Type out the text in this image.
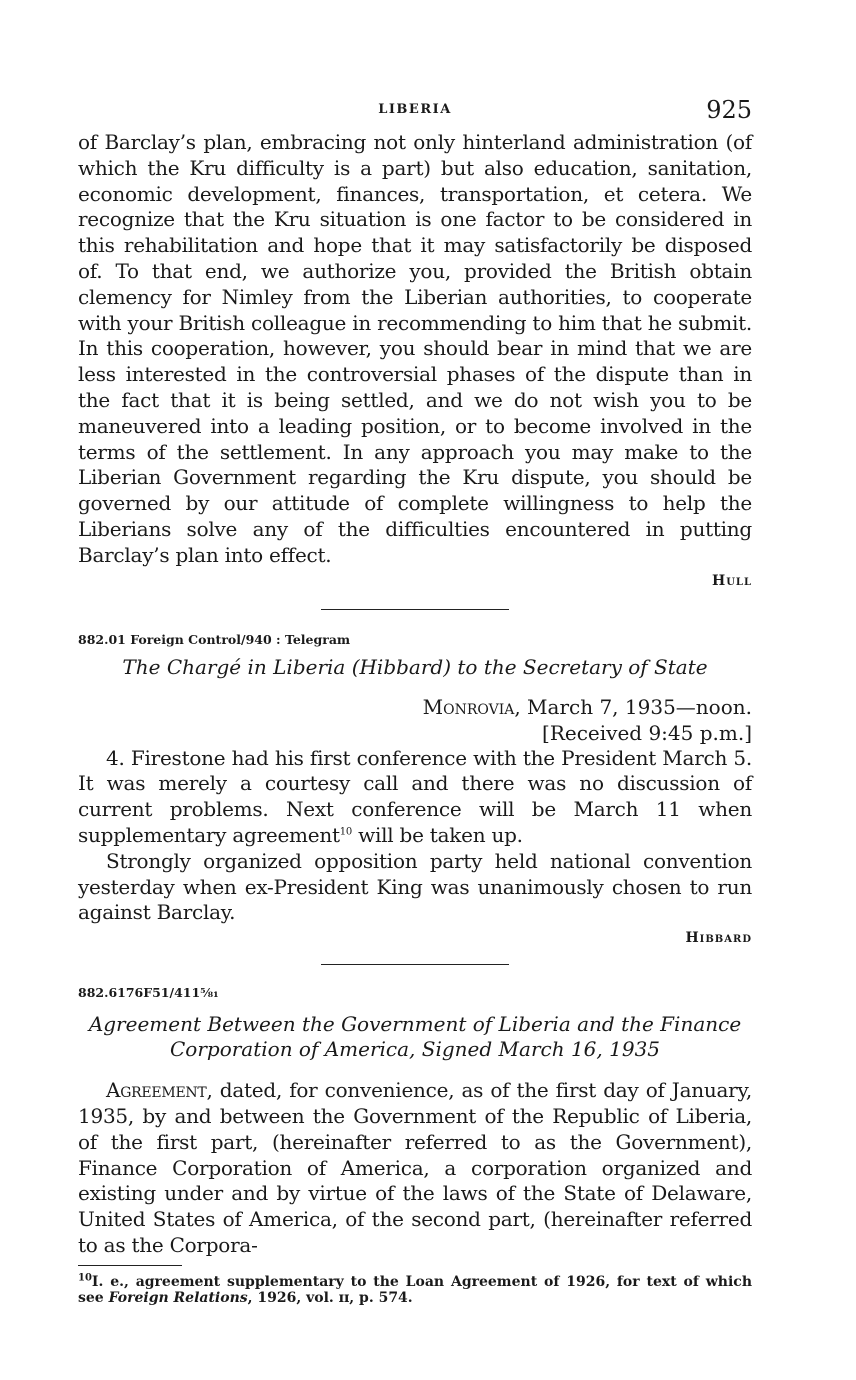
LIBERIA	925

of Barclay’s plan, embracing not only hinterland administration (of which the Kru difficulty is a part) but also education, sanitation, economic development, finances, transportation, et cetera. We recognize that the Kru situation is one factor to be considered in this rehabilitation and hope that it may satisfactorily be disposed of. To that end, we authorize you, provided the British obtain clemency for Nimley from the Liberian authorities, to cooperate with your British colleague in recommending to him that he submit. In this cooperation, however, you should bear in mind that we are less interested in the controversial phases of the dispute than in the fact that it is being settled, and we do not wish you to be maneuvered into a leading position, or to become involved in the terms of the settlement. In any approach you may make to the Liberian Government regarding the Kru dispute, you should be governed by our attitude of complete willingness to help the Liberians solve any of the difficulties encountered in putting Barclay’s plan into effect.

Hull

882.01 Foreign Control/940 : Telegram

The Chargé in Liberia (Hibbard) to the Secretary of State

Monrovia, March 7, 1935—noon.

[Received 9:45 p.m.]

4. Firestone had his first conference with the President March 5. It was merely a courtesy call and there was no discussion of current problems. Next conference will be March 11 when supplementary agreement$^{10}$ will be taken up.

Strongly organized opposition party held national convention yesterday when ex-President King was unanimously chosen to run against Barclay.

Hibbard

882.6176F51/411⅝₁

Agreement Between the Government of Liberia and the Finance

Corporation of America, Signed March 16, 1935

Agreement, dated, for convenience, as of the first day of January, 1935, by and between the Government of the Republic of Liberia, of the first part, (hereinafter referred to as the Government), Finance Corporation of America, a corporation organized and existing under and by virtue of the laws of the State of Delaware, United States of America, of the second part, (hereinafter referred to as the Corpora-

$^{10}$I. e., agreement supplementary to the Loan Agreement of 1926, for text of which see Foreign Relations, 1926, vol. ɪɪ, p. 574.
